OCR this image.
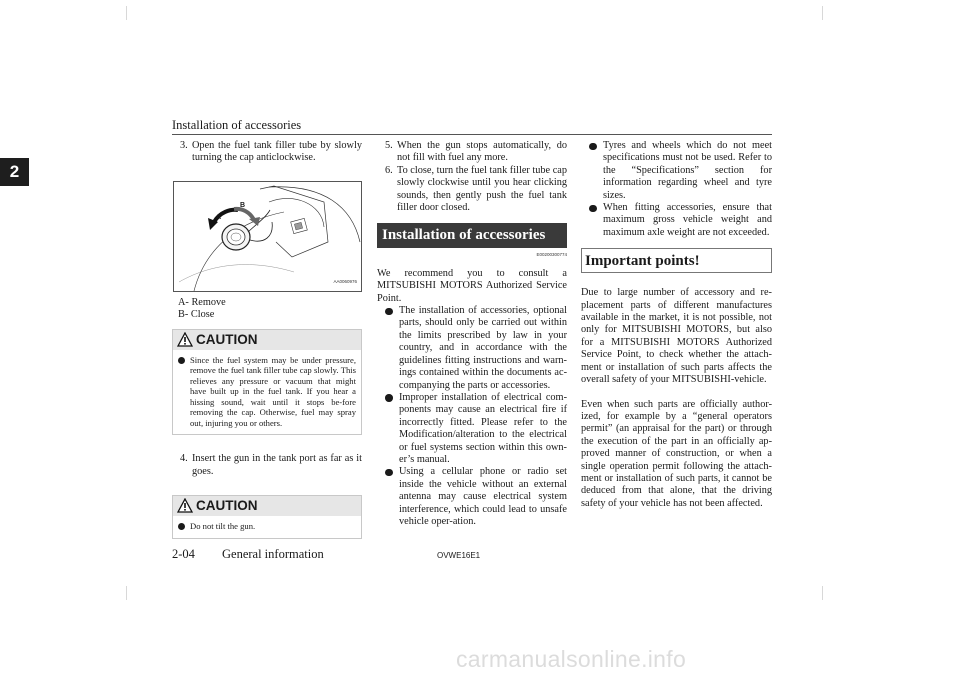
Installation of accessories
2
3. Open the fuel tank filler tube by slowly turning the cap anticlockwise.
A
B
AA0060976
A- Remove
B- Close
CAUTION
Since the fuel system may be under pressure, remove the fuel tank filler tube cap slowly. This relieves any pressure or vacuum that might have built up in the fuel tank. If you hear a hissing sound, wait until it stops be-fore removing the cap. Otherwise, fuel may spray out, injuring you or others.
4. Insert the gun in the tank port as far as it goes.
CAUTION
Do not tilt the gun.
5. When the gun stops automatically, do not fill with fuel any more.
6. To close, turn the fuel tank filler tube cap slowly clockwise until you hear clicking sounds, then gently push the fuel tank filler door closed.
Installation of accessories
E00200300774
We recommend you to consult a MITSUBISHI MOTORS Authorized Service Point.
The installation of accessories, optional parts, should only be carried out within the limits prescribed by law in your country, and in accordance with the guidelines fitting instructions and warn-ings contained within the documents ac-companying the parts or accessories.
Improper installation of electrical com-ponents may cause an electrical fire if incorrectly fitted. Please refer to the Modification/alteration to the electrical or fuel systems section within this own-er’s manual.
Using a cellular phone or radio set inside the vehicle without an external antenna may cause electrical system interference, which could lead to unsafe vehicle oper-ation.
Tyres and wheels which do not meet specifications must not be used. Refer to the “Specifications” section for information regarding wheel and tyre sizes.
When fitting accessories, ensure that maximum gross vehicle weight and maximum axle weight are not exceeded.
Important points!
Due to large number of accessory and re-placement parts of different manufactures available in the market, it is not possible, not only for MITSUBISHI MOTORS, but also for a MITSUBISHI MOTORS Authorized Service Point, to check whether the attach-ment or installation of such parts affects the overall safety of your MITSUBISHI-vehicle.
Even when such parts are officially author-ized, for example by a “general operators permit” (an appraisal for the part) or through the execution of the part in an officially ap-proved manner of construction, or when a single operation permit following the attach-ment or installation of such parts, it cannot be deduced from that alone, that the driving safety of your vehicle has not been affected.
2-04 General information	OVWE16E1
carmanualsonline.info
